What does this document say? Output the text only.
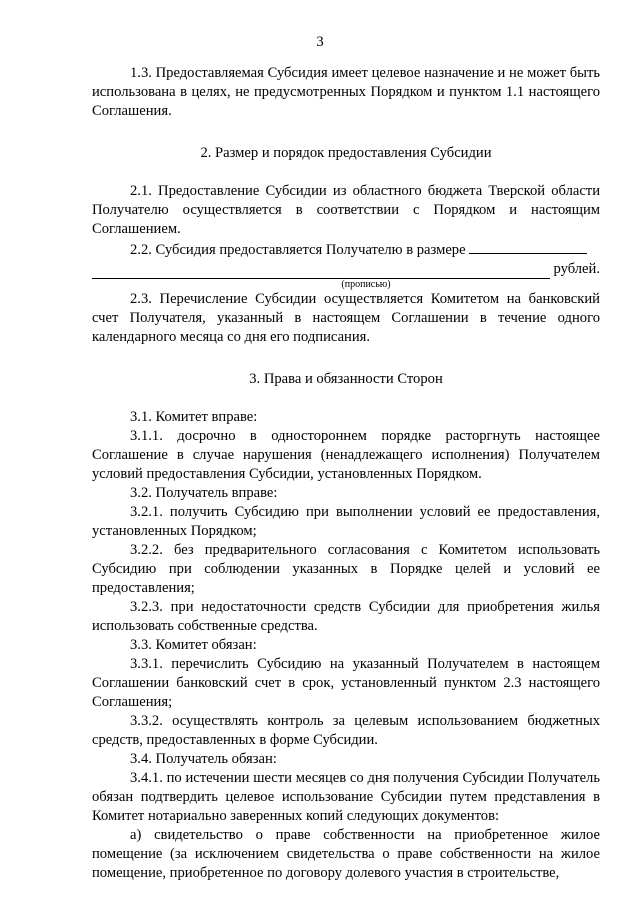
3

1.3. Предоставляемая Субсидия имеет целевое назначение и не может быть использована в целях, не предусмотренных Порядком и пунктом 1.1 настоящего Соглашения.

2. Размер и порядок предоставления Субсидии

2.1. Предоставление Субсидии из областного бюджета Тверской области Получателю осуществляется в соответствии с Порядком и настоящим Соглашением.

2.2. Субсидия предоставляется Получателю в размере

рублей.
(прописью)

2.3. Перечисление Субсидии осуществляется Комитетом на банковский счет Получателя, указанный в настоящем Соглашении в течение одного календарного месяца со дня его подписания.

3. Права и обязанности Сторон

3.1. Комитет вправе:

3.1.1. досрочно в одностороннем порядке расторгнуть настоящее Соглашение в случае нарушения (ненадлежащего исполнения) Получателем условий предоставления Субсидии, установленных Порядком.

3.2. Получатель вправе:

3.2.1. получить Субсидию при выполнении условий ее предоставления, установленных Порядком;

3.2.2. без предварительного согласования с Комитетом использовать Субсидию при соблюдении указанных в Порядке целей и условий ее предоставления;

3.2.3. при недостаточности средств Субсидии для приобретения жилья использовать собственные средства.

3.3. Комитет обязан:

3.3.1. перечислить Субсидию на указанный Получателем в настоящем Соглашении банковский счет в срок, установленный пунктом 2.3 настоящего Соглашения;

3.3.2. осуществлять контроль за целевым использованием бюджетных средств, предоставленных в форме Субсидии.

3.4. Получатель обязан:

3.4.1. по истечении шести месяцев со дня получения Субсидии Получатель обязан подтвердить целевое использование Субсидии путем представления в Комитет нотариально заверенных копий следующих документов:

а) свидетельство о праве собственности на приобретенное жилое помещение (за исключением свидетельства о праве собственности на жилое помещение, приобретенное по договору долевого участия в строительстве,
